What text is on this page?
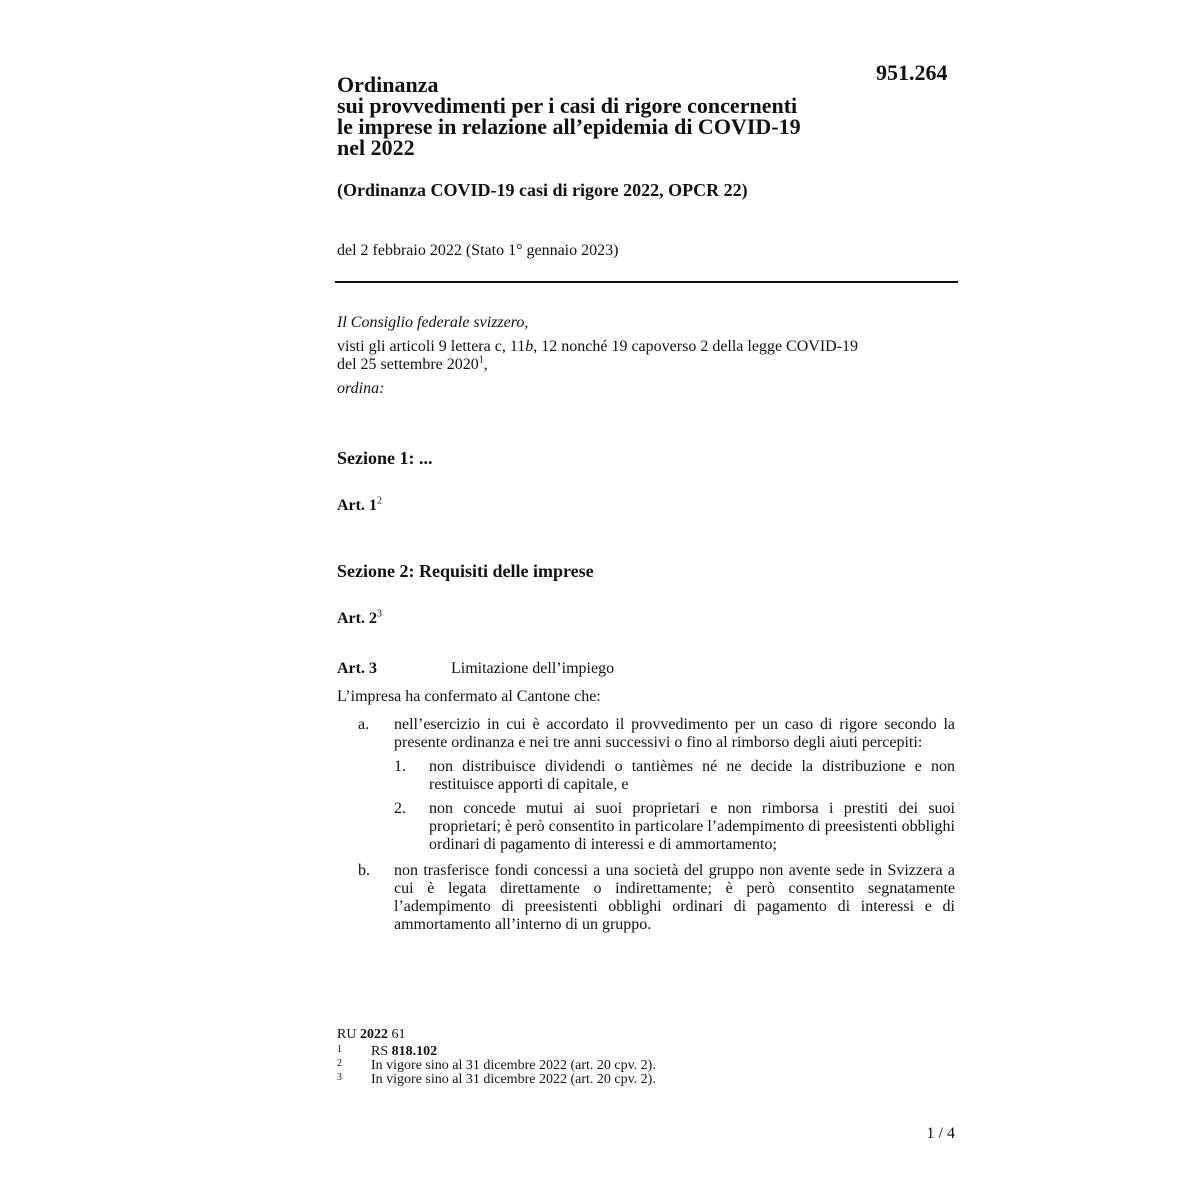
951.264
Ordinanza
sui provvedimenti per i casi di rigore concernenti
le imprese in relazione all’epidemia di COVID-19
nel 2022
(Ordinanza COVID-19 casi di rigore 2022, OPCR 22)
del 2 febbraio 2022 (Stato 1° gennaio 2023)
Il Consiglio federale svizzero,
visti gli articoli 9 lettera c, 11b, 12 nonché 19 capoverso 2 della legge COVID-19
del 25 settembre 2020$^1$,
ordina:
Sezione 1: ...
Art. $1^2$
Sezione 2: Requisiti delle imprese
Art. $2^3$
Art. 3	Limitazione dell’impiego
L’impresa ha confermato al Cantone che:
a. nell’esercizio in cui è accordato il provvedimento per un caso di rigore secondo la presente ordinanza e nei tre anni successivi o fino al rimborso degli aiuti percepiti:
1. non distribuisce dividendi o tantièmes né ne decide la distribuzione e non restituisce apporti di capitale, e
2. non concede mutui ai suoi proprietari e non rimborsa i prestiti dei suoi proprietari; è però consentito in particolare l’adempimento di preesistenti obblighi ordinari di pagamento di interessi e di ammortamento;
b. non trasferisce fondi concessi a una società del gruppo non avente sede in Svizzera a cui è legata direttamente o indirettamente; è però consentito segnatamente l’adempimento di preesistenti obblighi ordinari di pagamento di interessi e di ammortamento all’interno di un gruppo.
RU 2022 61
1 RS 818.102
2 In vigore sino al 31 dicembre 2022 (art. 20 cpv. 2).
3 In vigore sino al 31 dicembre 2022 (art. 20 cpv. 2).
1 / 4
